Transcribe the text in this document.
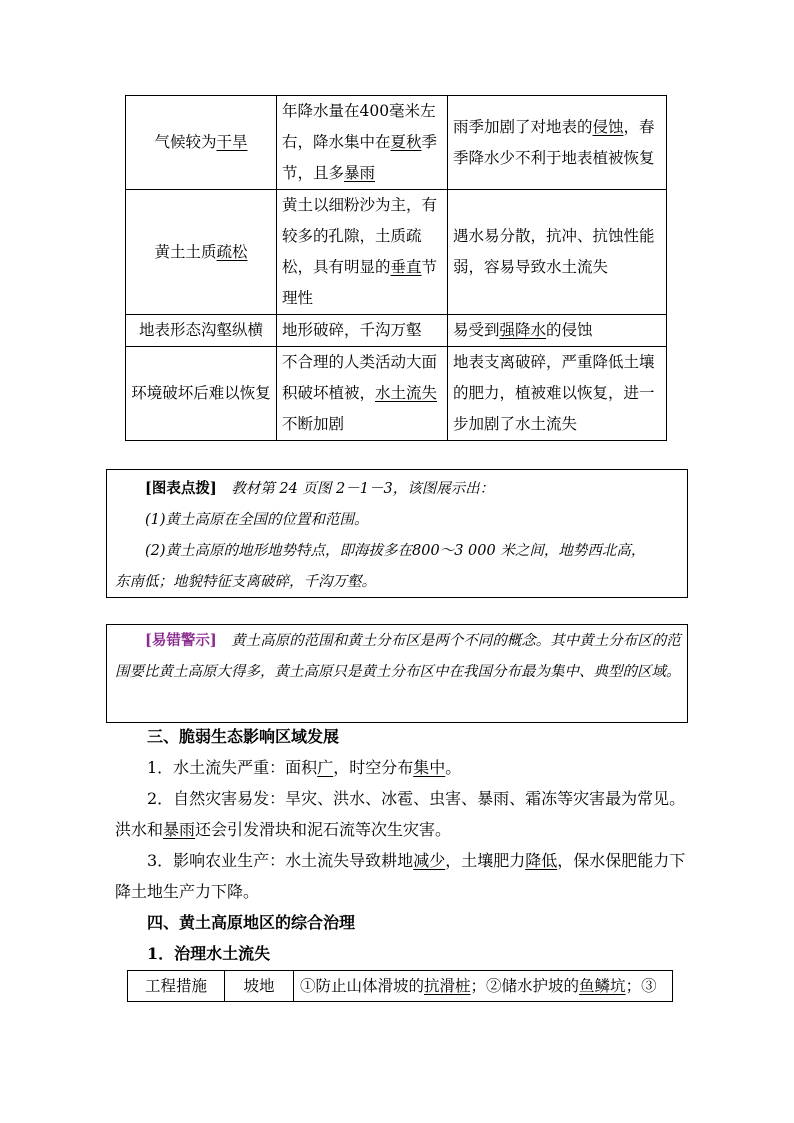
气候较为干旱	年降水量在400毫米左右，降水集中在夏秋季节，且多暴雨	雨季加剧了对地表的侵蚀，春季降水少不利于地表植被恢复
黄土土质疏松	黄土以细粉沙为主，有较多的孔隙，土质疏松，具有明显的垂直节理性	遇水易分散，抗冲、抗蚀性能弱，容易导致水土流失
地表形态沟壑纵横	地形破碎，千沟万壑	易受到强降水的侵蚀
环境破坏后难以恢复	不合理的人类活动大面积破坏植被，水土流失不断加剧	地表支离破碎，严重降低土壤的肥力，植被难以恢复，进一步加剧了水土流失

[图表点拨]　 教材第 24 页图 2－1－3，该图展示出：

(1)黄土高原在全国的位置和范围。

(2)黄土高原的地形地势特点，即海拔多在800～3 000 米之间，地势西北高，

东南低；地貌特征支离破碎，千沟万壑。

[易错警示]　 黄土高原的范围和黄土分布区是两个不同的概念。其中黄土分布区的范围要比黄土高原大得多，黄土高原只是黄土分布区中在我国分布最为集中、典型的区域。

三、脆弱生态影响区域发展

1．水土流失严重：面积广，时空分布集中。

2．自然灾害易发：旱灾、洪水、冰雹、虫害、暴雨、霜冻等灾害最为常见。洪水和暴雨还会引发滑块和泥石流等次生灾害。

3．影响农业生产：水土流失导致耕地减少，土壤肥力降低，保水保肥能力下降土地生产力下降。

四、黄土高原地区的综合治理

1．治理水土流失

工程措施	坡地	①防止山体滑坡的抗滑桩；②储水护坡的鱼鳞坑；③
